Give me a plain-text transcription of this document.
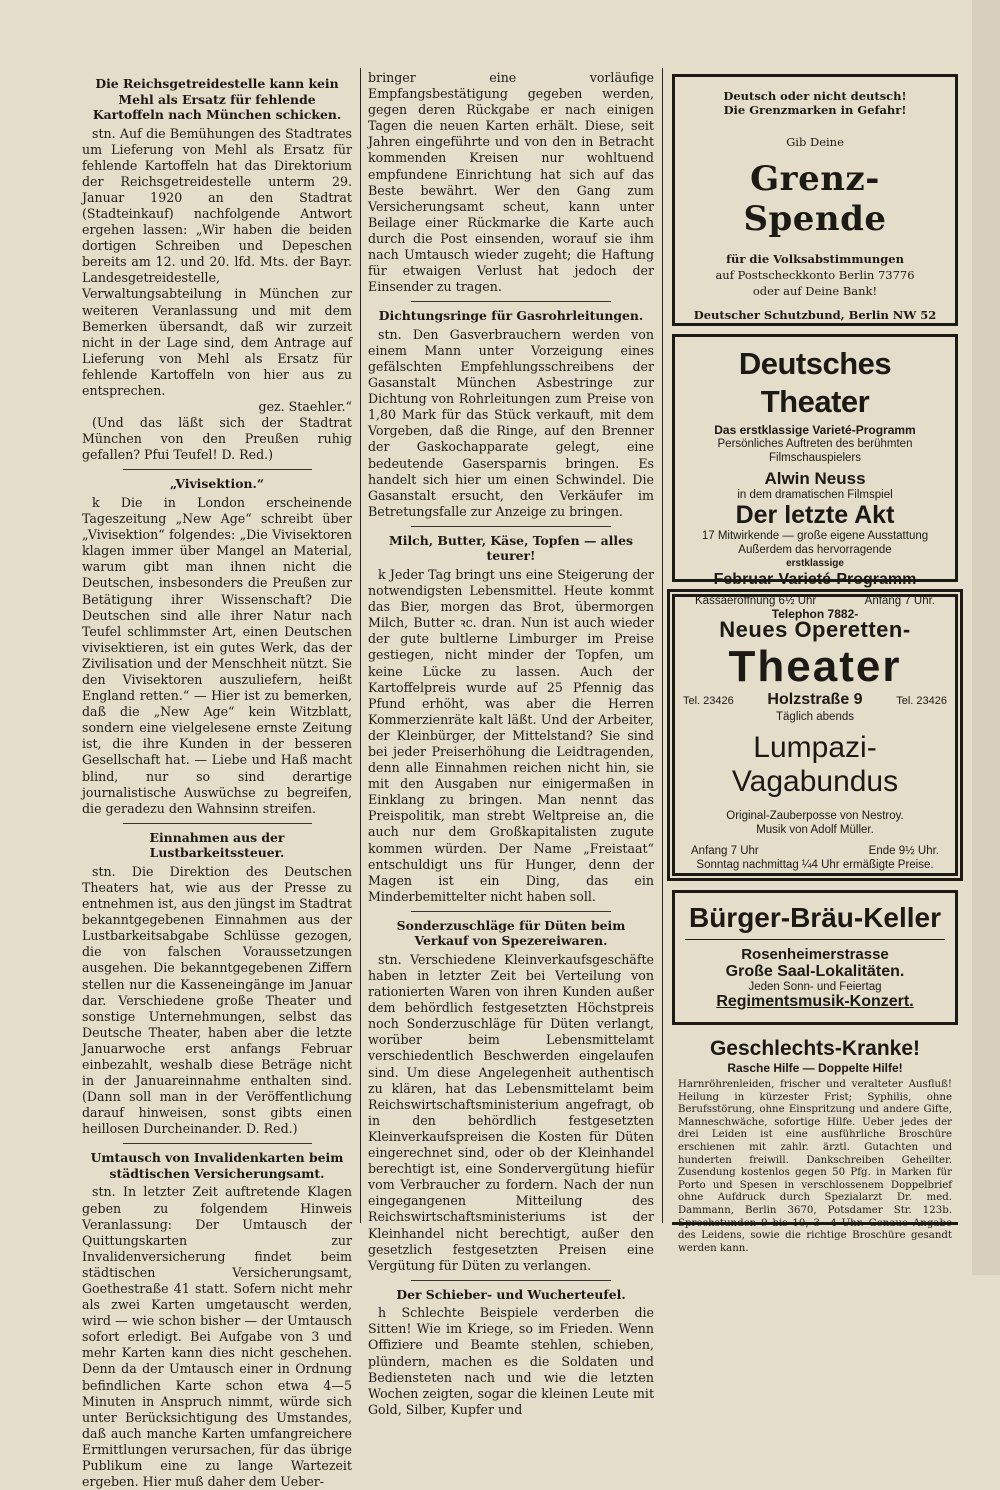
Die Reichsgetreidestelle kann kein Mehl als Ersatz für fehlende Kartoffeln nach München schicken.

stn. Auf die Bemühungen des Stadtrates um Lieferung von Mehl als Ersatz für fehlende Kartoffeln hat das Direktorium der Reichsgetreidestelle unterm 29. Januar 1920 an den Stadtrat (Stadteinkauf) nachfolgende Antwort ergehen lassen: „Wir haben die beiden dortigen Schreiben und Depeschen bereits am 12. und 20. lfd. Mts. der Bayr. Landesgetreidestelle, Verwaltungsabteilung in München zur weiteren Veranlassung und mit dem Bemerken übersandt, daß wir zurzeit nicht in der Lage sind, dem Antrage auf Lieferung von Mehl als Ersatz für fehlende Kartoffeln von hier aus zu entsprechen.

gez. Staehler.“

(Und das läßt sich der Stadtrat München von den Preußen ruhig gefallen? Pfui Teufel! D. Red.)

„Vivisektion.“

k Die in London erscheinende Tageszeitung „New Age“ schreibt über „Vivisektion“ folgendes: „Die Vivisektoren klagen immer über Mangel an Material, warum gibt man ihnen nicht die Deutschen, insbesonders die Preußen zur Betätigung ihrer Wissenschaft? Die Deutschen sind alle ihrer Natur nach Teufel schlimmster Art, einen Deutschen vivisektieren, ist ein gutes Werk, das der Zivilisation und der Menschheit nützt. Sie den Vivisektoren auszuliefern, heißt England retten.“ — Hier ist zu bemerken, daß die „New Age“ kein Witzblatt, sondern eine vielgelesene ernste Zeitung ist, die ihre Kunden in der besseren Gesellschaft hat. — Liebe und Haß macht blind, nur so sind derartige journalistische Auswüchse zu begreifen, die geradezu den Wahnsinn streifen.

Einnahmen aus der Lustbarkeitssteuer.

stn. Die Direktion des Deutschen Theaters hat, wie aus der Presse zu entnehmen ist, aus den jüngst im Stadtrat bekanntgegebenen Einnahmen aus der Lustbarkeitsabgabe Schlüsse gezogen, die von falschen Voraussetzungen ausgehen. Die bekanntgegebenen Ziffern stellen nur die Kasseneingänge im Januar dar. Verschiedene große Theater und sonstige Unternehmungen, selbst das Deutsche Theater, haben aber die letzte Januarwoche erst anfangs Februar einbezahlt, weshalb diese Beträge nicht in der Januareinnahme enthalten sind. (Dann soll man in der Veröffentlichung darauf hinweisen, sonst gibts einen heillosen Durcheinander. D. Red.)

Umtausch von Invalidenkarten beim städtischen Versicherungsamt.

stn. In letzter Zeit auftretende Klagen geben zu folgendem Hinweis Veranlassung: Der Umtausch der Quittungskarten zur Invalidenversicherung findet beim städtischen Versicherungsamt, Goethestraße 41 statt. Sofern nicht mehr als zwei Karten umgetauscht werden, wird — wie schon bisher — der Umtausch sofort erledigt. Bei Aufgabe von 3 und mehr Karten kann dies nicht geschehen. Denn da der Umtausch einer in Ordnung befindlichen Karte schon etwa 4—5 Minuten in Anspruch nimmt, würde sich unter Berücksichtigung des Umstandes, daß auch manche Karten umfangreichere Ermittlungen verursachen, für das übrige Publikum eine zu lange Wartezeit ergeben. Hier muß daher dem Ueber-

bringer eine vorläufige Empfangsbestätigung gegeben werden, gegen deren Rückgabe er nach einigen Tagen die neuen Karten erhält. Diese, seit Jahren eingeführte und von den in Betracht kommenden Kreisen nur wohltuend empfundene Einrichtung hat sich auf das Beste bewährt. Wer den Gang zum Versicherungsamt scheut, kann unter Beilage einer Rückmarke die Karte auch durch die Post einsenden, worauf sie ihm nach Umtausch wieder zugeht; die Haftung für etwaigen Verlust hat jedoch der Einsender zu tragen.

Dichtungsringe für Gasrohrleitungen.

stn. Den Gasverbrauchern werden von einem Mann unter Vorzeigung eines gefälschten Empfehlungsschreibens der Gasanstalt München Asbestringe zur Dichtung von Rohrleitungen zum Preise von 1,80 Mark für das Stück verkauft, mit dem Vorgeben, daß die Ringe, auf den Brenner der Gaskochapparate gelegt, eine bedeutende Gasersparnis bringen. Es handelt sich hier um einen Schwindel. Die Gasanstalt ersucht, den Verkäufer im Betretungsfalle zur Anzeige zu bringen.

Milch, Butter, Käse, Topfen — alles teurer!

k Jeder Tag bringt uns eine Steigerung der notwendigsten Lebensmittel. Heute kommt das Bier, morgen das Brot, übermorgen Milch, Butter ꝛc. dran. Nun ist auch wieder der gute bultlerne Limburger im Preise gestiegen, nicht minder der Topfen, um keine Lücke zu lassen. Auch der Kartoffelpreis wurde auf 25 Pfennig das Pfund erhöht, was aber die Herren Kommerzienräte kalt läßt. Und der Arbeiter, der Kleinbürger, der Mittelstand? Sie sind bei jeder Preiserhöhung die Leidtragenden, denn alle Einnahmen reichen nicht hin, sie mit den Ausgaben nur einigermaßen in Einklang zu bringen. Man nennt das Preispolitik, man strebt Weltpreise an, die auch nur dem Großkapitalisten zugute kommen würden. Der Name „Freistaat“ entschuldigt uns für Hunger, denn der Magen ist ein Ding, das ein Minderbemittelter nicht haben soll.

Sonderzuschläge für Düten beim Verkauf von Spezereiwaren.

stn. Verschiedene Kleinverkaufsgeschäfte haben in letzter Zeit bei Verteilung von rationierten Waren von ihren Kunden außer dem behördlich festgesetzten Höchstpreis noch Sonderzuschläge für Düten verlangt, worüber beim Lebensmittelamt verschiedentlich Beschwerden eingelaufen sind. Um diese Angelegenheit authentisch zu klären, hat das Lebensmittelamt beim Reichswirtschaftsministerium angefragt, ob in den behördlich festgesetzten Kleinverkaufspreisen die Kosten für Düten eingerechnet sind, oder ob der Kleinhandel berechtigt ist, eine Sondervergütung hiefür vom Verbraucher zu fordern. Nach der nun eingegangenen Mitteilung des Reichswirtschaftsministeriums ist der Kleinhandel nicht berechtigt, außer den gesetzlich festgesetzten Preisen eine Vergütung für Düten zu verlangen.

Der Schieber- und Wucherteufel.

h Schlechte Beispiele verderben die Sitten! Wie im Kriege, so im Frieden. Wenn Offiziere und Beamte stehlen, schieben, plündern, machen es die Soldaten und Bediensteten nach und wie die letzten Wochen zeigten, sogar die kleinen Leute mit Gold, Silber, Kupfer und

Deutsch oder nicht deutsch!
Die Grenzmarken in Gefahr!
Gib Deine
Grenz-Spende
für die Volksabstimmungen
auf Postscheckkonto Berlin 73776
oder auf Deine Bank!
Deutscher Schutzbund, Berlin NW 52
Deutsches Theater
Das erstklassige Varieté-Programm
Persönliches Auftreten des berühmten
Filmschauspielers
Alwin Neuss
in dem dramatischen Filmspiel
Der letzte Akt
17 Mitwirkende — große eigene Ausstattung
Außerdem das hervorragende
erstklassige
Februar-Varieté-Programm
Kassaeröffnung 6½ Uhr	Anfang 7 Uhr.
Telephon 7882-
Neues Operetten-
Theater
Tel. 23426 Holzstraße 9	Tel. 23426
Täglich abends
Lumpazi-
Vagabundus
Original-Zauberposse von Nestroy.
Musik von Adolf Müller.
Anfang 7 Uhr	Ende 9½ Uhr.
Sonntag nachmittag ¼4 Uhr ermäßigte Preise.
Bürger-Bräu-Keller
Rosenheimerstrasse
Große Saal-Lokalitäten.
Jeden Sonn- und Feiertag
Regimentsmusik-Konzert.
Geschlechts-Kranke!
Rasche Hilfe — Doppelte Hilfe!
Harnröhrenleiden, frischer und veralteter Ausfluß! Heilung in kürzester Frist; Syphilis, ohne Berufsstörung, ohne Einspritzung und andere Gifte, Manneschwäche, sofortige Hilfe. Ueber jedes der drei Leiden ist eine ausführliche Broschüre erschienen mit zahlr. ärztl. Gutachten und hunderten freiwill. Dankschreiben Geheilter. Zusendung kostenlos gegen 50 Pfg. in Marken für Porto und Spesen in verschlossenem Doppelbrief ohne Aufdruck durch Spezialarzt Dr. med. Dammann, Berlin 3670, Potsdamer Str. 123b. Sprechstunden 9 bis 10, 3—4 Uhr. Genaue Angabe des Leidens, sowie die richtige Broschüre gesandt werden kann.
